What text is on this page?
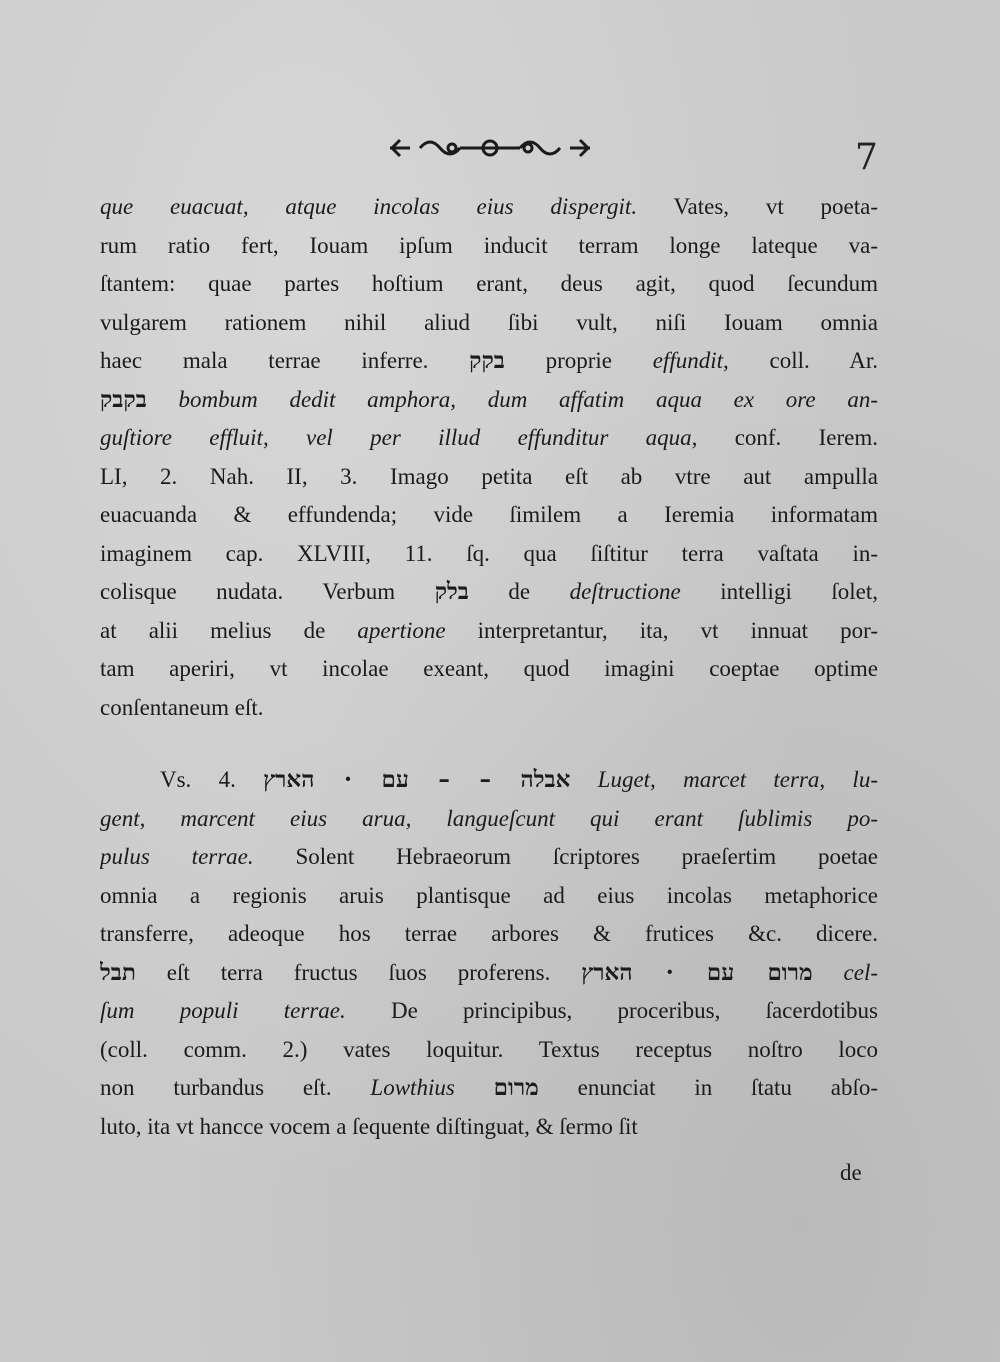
7
que euacuat, atque incolas eius dispergit. Vates, vt poeta-
rum ratio fert, Iouam ipſum inducit terram longe lateque va-
ſtantem: quae partes hoſtium erant, deus agit, quod ſecundum
vulgarem rationem nihil aliud ſibi vult, niſi Iouam omnia
haec mala terrae inferre. בקק proprie effundit, coll. Ar.
בקבק bombum dedit amphora, dum affatim aqua ex ore an-
guſtiore effluit, vel per illud effunditur aqua, conf. Ierem.
LI, 2. Nah. II, 3. Imago petita eſt ab vtre aut ampulla
euacuanda & effundenda; vide ſimilem a Ieremia informatam
imaginem cap. XLVIII, 11. ſq. qua ſiſtitur terra vaſtata in-
colisque nudata. Verbum בלק de deſtructione intelligi ſolet,
at alii melius de apertione interpretantur, ita, vt innuat por-
tam aperiri, vt incolae exeant, quod imagini coeptae optime
conſentaneum eſt.
Vs. 4. אבלה – – עם · הארץ Luget, marcet terra, lu-
gent, marcent eius arua, langueſcunt qui erant ſublimis po-
pulus terrae. Solent Hebraeorum ſcriptores praeſertim poetae
omnia a regionis aruis plantisque ad eius incolas metaphorice
transferre, adeoque hos terrae arbores & frutices &c. dicere.
תבל eſt terra fructus ſuos proferens. מרום עם · הארץ cel-
ſum populi terrae. De principibus, proceribus, ſacerdotibus
(coll. comm. 2.) vates loquitur. Textus receptus noſtro loco
non turbandus eſt. Lowthius מרום enunciat in ſtatu abſo-
luto, ita vt hancce vocem a ſequente diſtinguat, & ſermo ſit
de
